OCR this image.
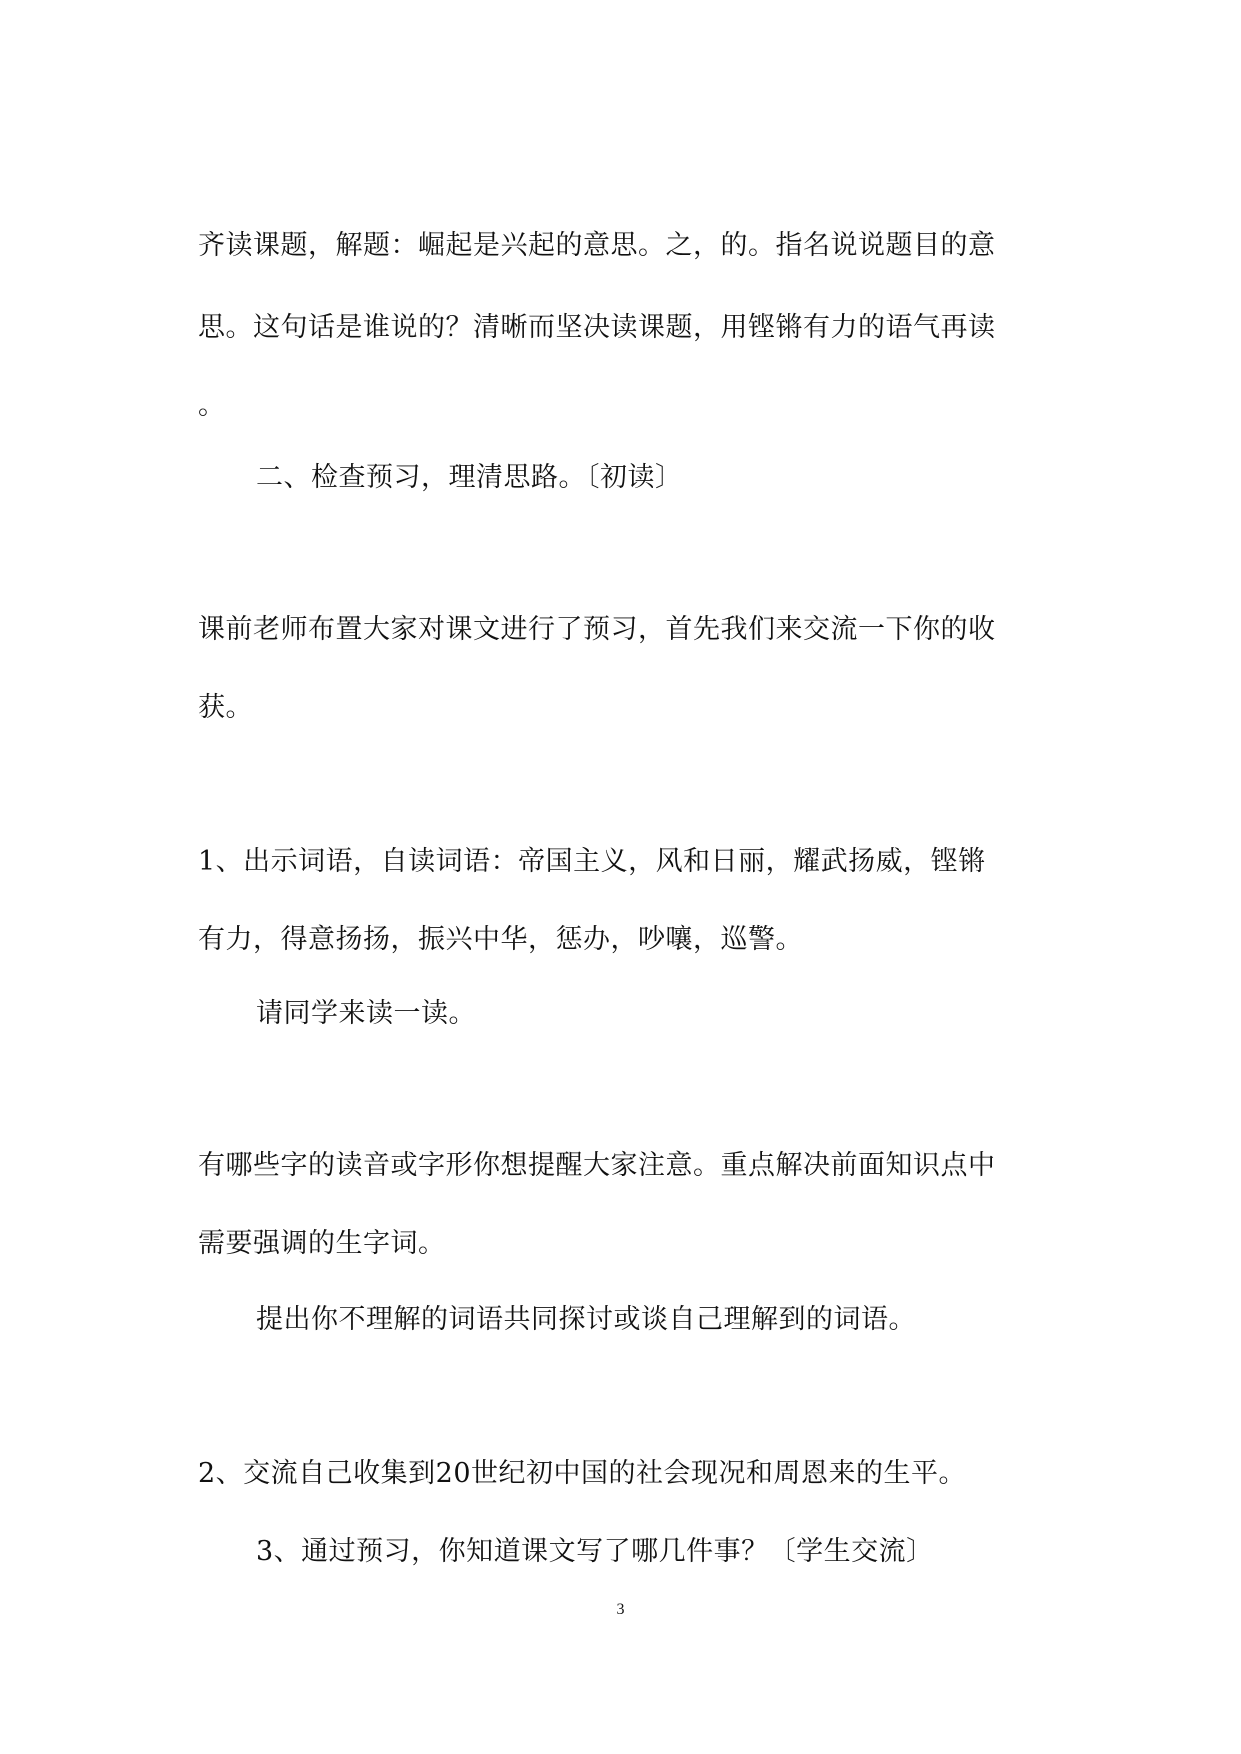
齐读课题，解题：崛起是兴起的意思。之，的。指名说说题目的意
思。这句话是谁说的？清晰而坚决读课题，用铿锵有力的语气再读
。
二、检查预习，理清思路。〔初读〕
课前老师布置大家对课文进行了预习，首先我们来交流一下你的收
获。
1、出示词语，自读词语：帝国主义，风和日丽，耀武扬威，铿锵
有力，得意扬扬，振兴中华，惩办，吵嚷，巡警。
请同学来读一读。
有哪些字的读音或字形你想提醒大家注意。重点解决前面知识点中
需要强调的生字词。
提出你不理解的词语共同探讨或谈自己理解到的词语。
2、交流自己收集到20世纪初中国的社会现况和周恩来的生平。
3、通过预习，你知道课文写了哪几件事？〔学生交流〕
3
